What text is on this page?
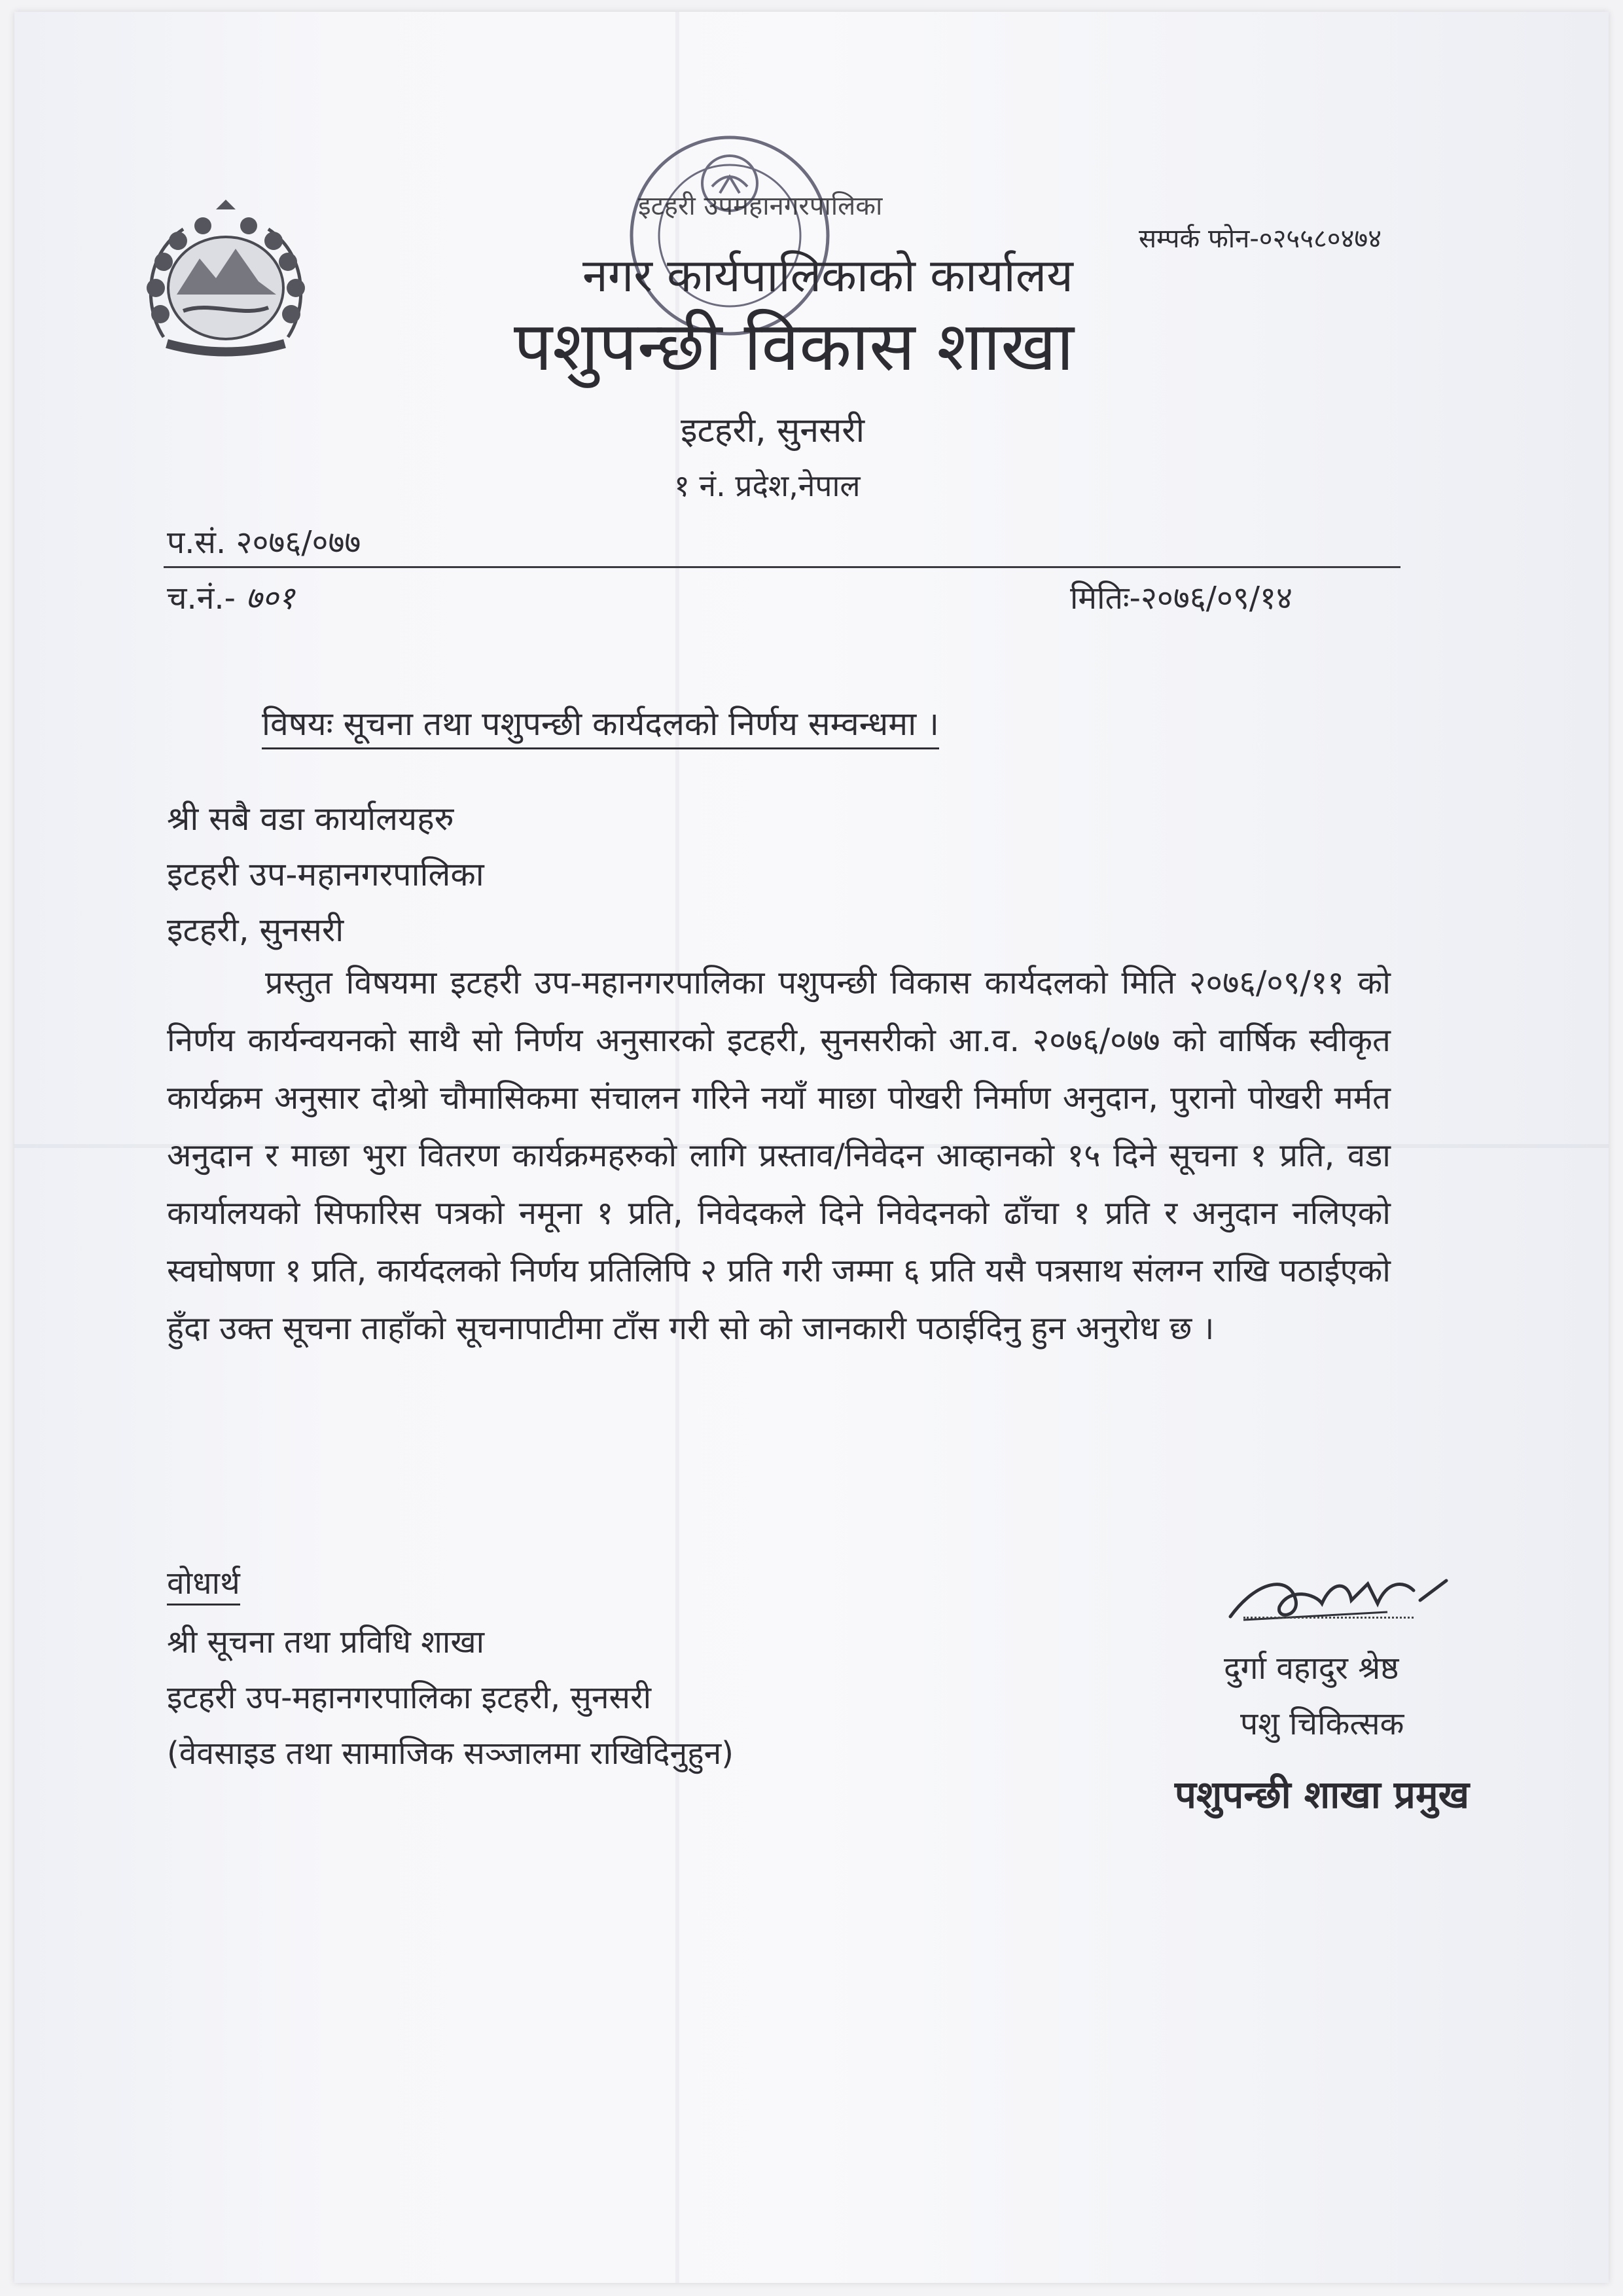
इटहरी उपमहानगरपालिका
नगर कार्यपालिकाको कार्यालय
पशुपन्छी विकास शाखा
इटहरी, सुनसरी
१ नं. प्रदेश,नेपाल
सम्पर्क फोन-०२५५८०४७४
प.सं. २०७६/०७७
च.नं.- ७०१	मितिः-२०७६/०९/१४
विषयः सूचना तथा पशुपन्छी कार्यदलको निर्णय सम्वन्धमा ।
श्री सबै वडा कार्यालयहरु
इटहरी उप-महानगरपालिका
इटहरी, सुनसरी
प्रस्तुत विषयमा इटहरी उप-महानगरपालिका पशुपन्छी विकास कार्यदलको मिति २०७६/०९/११ को निर्णय कार्यन्वयनको साथै सो निर्णय अनुसारको इटहरी, सुनसरीको आ.व. २०७६/०७७ को वार्षिक स्वीकृत कार्यक्रम अनुसार दोश्रो चौमासिकमा संचालन गरिने नयाँ माछा पोखरी निर्माण अनुदान, पुरानो पोखरी मर्मत अनुदान र माछा भुरा वितरण कार्यक्रमहरुको लागि प्रस्ताव/निवेदन आव्हानको १५ दिने सूचना १ प्रति, वडा कार्यालयको सिफारिस पत्रको नमूना १ प्रति, निवेदकले दिने निवेदनको ढाँचा १ प्रति र अनुदान नलिएको स्वघोषणा १ प्रति, कार्यदलको निर्णय प्रतिलिपि २ प्रति गरी जम्मा ६ प्रति यसै पत्रसाथ संलग्न राखि पठाईएको हुँदा उक्त सूचना ताहाँको सूचनापाटीमा टाँस गरी सो को जानकारी पठाईदिनु हुन अनुरोध छ ।
वोधार्थ
श्री सूचना तथा प्रविधि शाखा
इटहरी उप-महानगरपालिका इटहरी, सुनसरी
(वेवसाइड तथा सामाजिक सञ्जालमा राखिदिनुहुन)
दुर्गा वहादुर श्रेष्ठ
पशु चिकित्सक
पशुपन्छी शाखा प्रमुख
